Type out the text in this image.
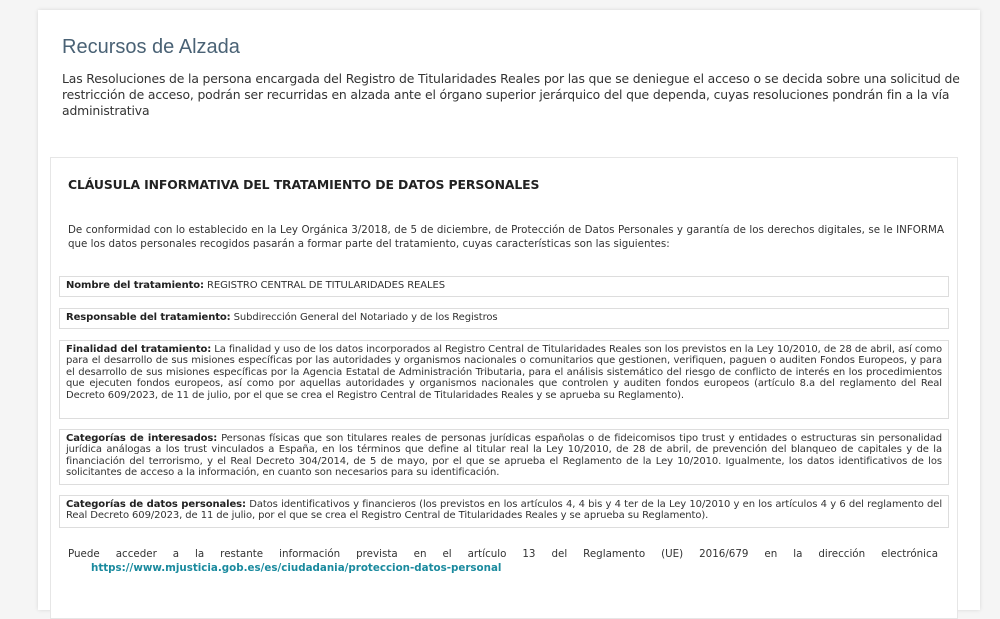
Recursos de Alzada

Las Resoluciones de la persona encargada del Registro de Titularidades Reales por las que se deniegue el acceso o se decida sobre una solicitud de restricción de acceso, podrán ser recurridas en alzada ante el órgano superior jerárquico del que dependa, cuyas resoluciones pondrán fin a la vía administrativa

CLÁUSULA INFORMATIVA DEL TRATAMIENTO DE DATOS PERSONALES

De conformidad con lo establecido en la Ley Orgánica 3/2018, de 5 de diciembre, de Protección de Datos Personales y garantía de los derechos digitales, se le INFORMA que los datos personales recogidos pasarán a formar parte del tratamiento, cuyas características son las siguientes:

Nombre del tratamiento: REGISTRO CENTRAL DE TITULARIDADES REALES
Responsable del tratamiento: Subdirección General del Notariado y de los Registros
Finalidad del tratamiento: La finalidad y uso de los datos incorporados al Registro Central de Titularidades Reales son los previstos en la Ley 10/2010, de 28 de abril, así como para el desarrollo de sus misiones específicas por las autoridades y organismos nacionales o comunitarios que gestionen, verifiquen, paguen o auditen Fondos Europeos, y para el desarrollo de sus misiones específicas por la Agencia Estatal de Administración Tributaria, para el análisis sistemático del riesgo de conflicto de interés en los procedimientos que ejecuten fondos europeos, así como por aquellas autoridades y organismos nacionales que controlen y auditen fondos europeos (artículo 8.a del reglamento del Real Decreto 609/2023, de 11 de julio, por el que se crea el Registro Central de Titularidades Reales y se aprueba su Reglamento).
Categorías de interesados: Personas físicas que son titulares reales de personas jurídicas españolas o de fideicomisos tipo trust y entidades o estructuras sin personalidad jurídica análogas a los trust vinculados a España, en los términos que define al titular real la Ley 10/2010, de 28 de abril, de prevención del blanqueo de capitales y de la financiación del terrorismo, y el Real Decreto 304/2014, de 5 de mayo, por el que se aprueba el Reglamento de la Ley 10/2010. Igualmente, los datos identificativos de los solicitantes de acceso a la información, en cuanto son necesarios para su identificación.
Categorías de datos personales: Datos identificativos y financieros (los previstos en los artículos 4, 4 bis y 4 ter de la Ley 10/2010 y en los artículos 4 y 6 del reglamento del Real Decreto 609/2023, de 11 de julio, por el que se crea el Registro Central de Titularidades Reales y se aprueba su Reglamento).

Puede acceder a la restante información prevista en el artículo 13 del Reglamento (UE) 2016/679 en la dirección electrónica

https://www.mjusticia.gob.es/es/ciudadania/proteccion-datos-personal
